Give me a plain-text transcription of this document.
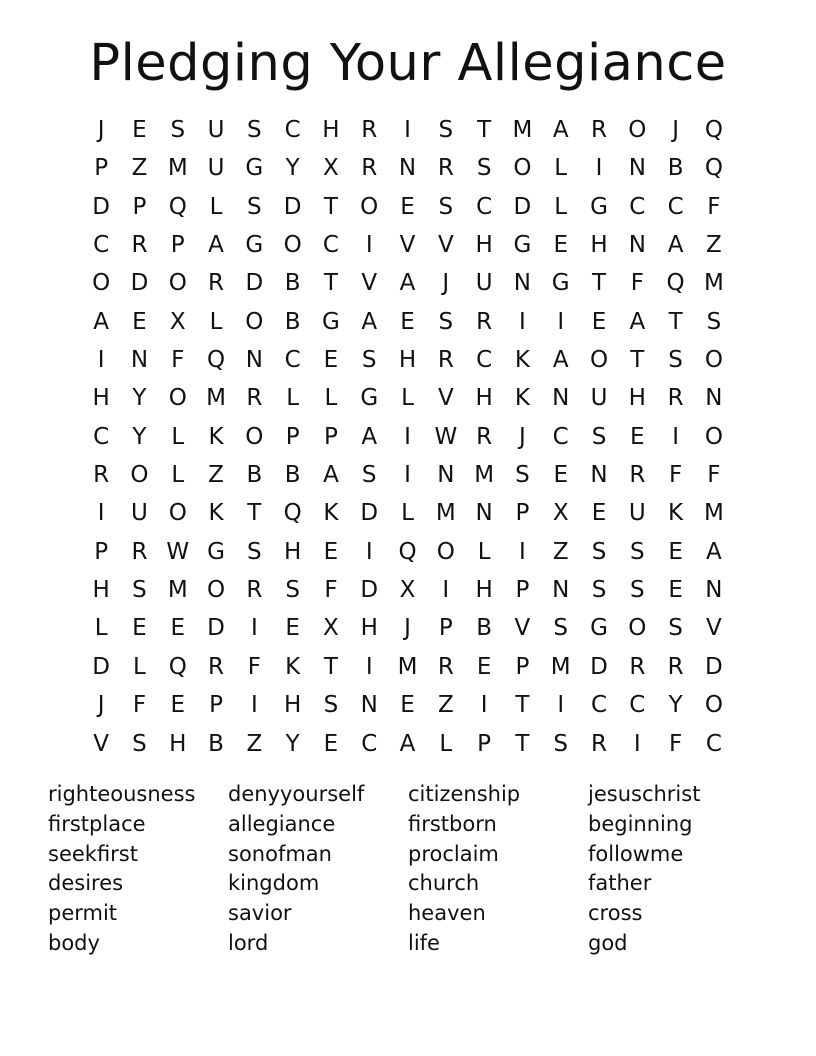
Pledging Your Allegiance
J	E	S U S C H R	I	S	T M A R O	J	Q
P	Z M U G Y	X R N R	S O L	I	N B Q
D P Q L	S D T O E	S C D	L G C C	F
C R	P	A G O C	I	V V H G E H N A Z
O D O R D B	T	V A	J	U N G T	F Q M
A	E	X	L O B G A	E	S	R	I	I	E	A	T	S
I	N	F Q N C	E	S H R C K A O T	S O
H Y O M R	L	L G L	V H K N U H R N
C	Y	L	K O P	P	A	I	W R	J	C S	E	I	O
R O L	Z B B A	S	I	N M S	E N R	F	F
I	U O K	T Q K D	L M N P	X	E U K M
P	R W G S H E	I	Q O L	I	Z	S	S	E	A
H S M O R	S	F D X	I	H P N S	S	E N
L	E	E D	I	E	X H	J	P	B V	S G O S	V
D	L Q R	F	K	T	I	M R	E	P M D R R D
J	F	E	P	I	H S N E	Z	I	T	I	C C	Y O
V	S H B Z	Y	E C A	L	P	T	S	R	I	F	C
righteousness
firstplace
seekfirst
desires
permit
body
denyyourself
allegiance
sonofman
kingdom
savior
lord
citizenship
firstborn
proclaim
church
heaven
life
jesuschrist
beginning
followme
father
cross
god
